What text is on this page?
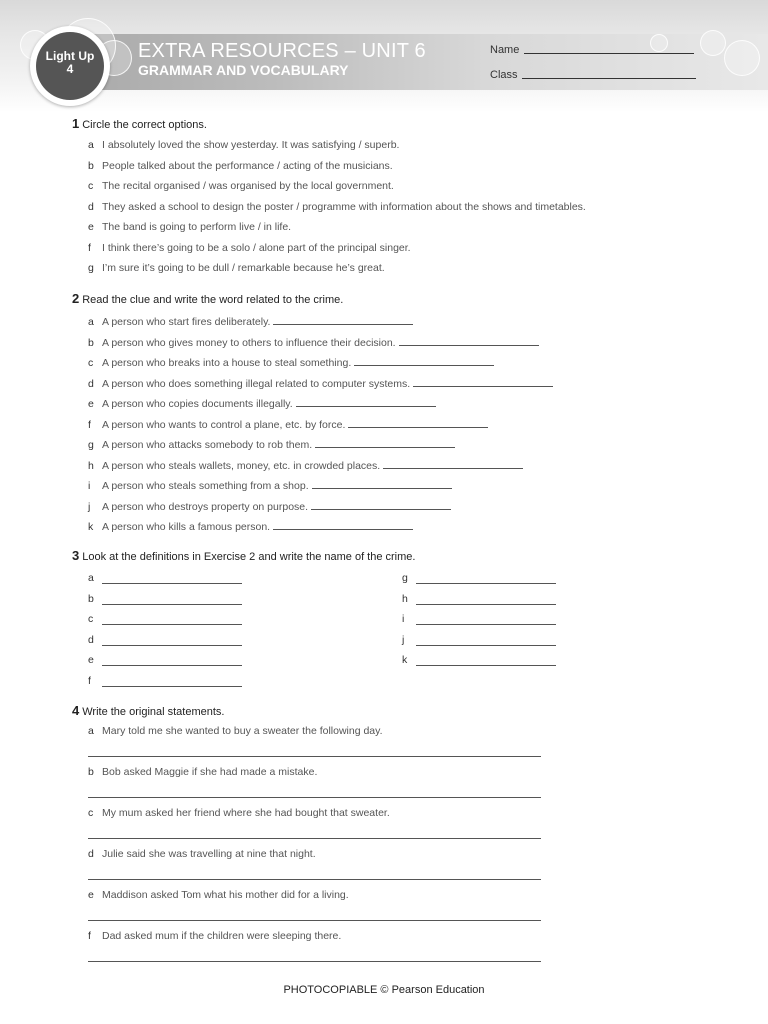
Light Up
4
EXTRA RESOURCES – UNIT 6
GRAMMAR AND VOCABULARY
Name
Class
1 Circle the correct options.
a I absolutely loved the show yesterday. It was satisfying / superb.
b People talked about the performance / acting of the musicians.
c The recital organised / was organised by the local government.
d They asked a school to design the poster / programme with information about the shows and timetables.
e The band is going to perform live / in life.
f I think there’s going to be a solo / alone part of the principal singer.
g I’m sure it’s going to be dull / remarkable because he’s great.
2 Read the clue and write the word related to the crime.
a A person who start fires deliberately.
b A person who gives money to others to influence their decision.
c A person who breaks into a house to steal something.
d A person who does something illegal related to computer systems.
e A person who copies documents illegally.
f A person who wants to control a plane, etc. by force.
g A person who attacks somebody to rob them.
h A person who steals wallets, money, etc. in crowded places.
i A person who steals something from a shop.
j A person who destroys property on purpose.
k A person who kills a famous person.
3 Look at the definitions in Exercise 2 and write the name of the crime.
a
b
c
d
e
f
g
h
i
j
k
4 Write the original statements.
a Mary told me she wanted to buy a sweater the following day.
b Bob asked Maggie if she had made a mistake.
c My mum asked her friend where she had bought that sweater.
d Julie said she was travelling at nine that night.
e Maddison asked Tom what his mother did for a living.
f Dad asked mum if the children were sleeping there.
PHOTOCOPIABLE © Pearson Education
